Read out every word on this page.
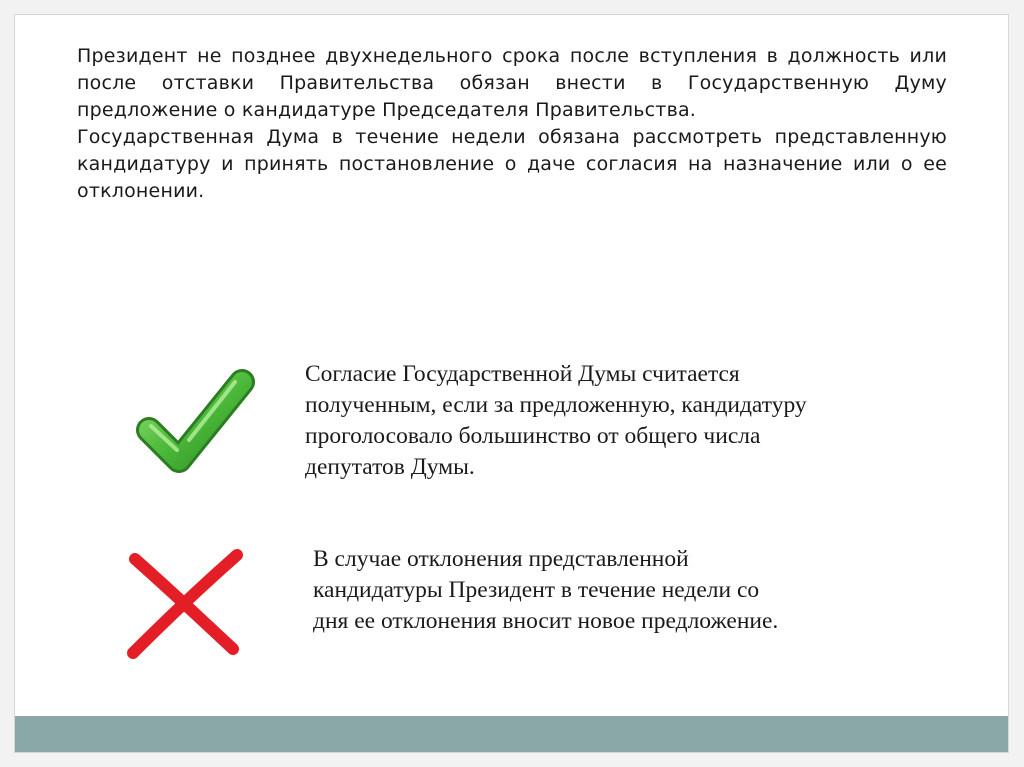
Президент не позднее двухнедельного срока после вступления в должность или после отставки Правительства обязан внести в Государственную Думу предложение о кандидатуре Председателя Правительства.

Государственная Дума в течение недели обязана рассмотреть представленную кандидатуру и принять постановление о даче согласия на назначение или о ее отклонении.

Согласие Государственной Думы считается полученным, если за предложенную, кандидатуру проголосовало большинство от общего числа депутатов Думы.

В случае отклонения представленной кандидатуры Президент в течение недели со дня ее отклонения вносит новое предложение.
